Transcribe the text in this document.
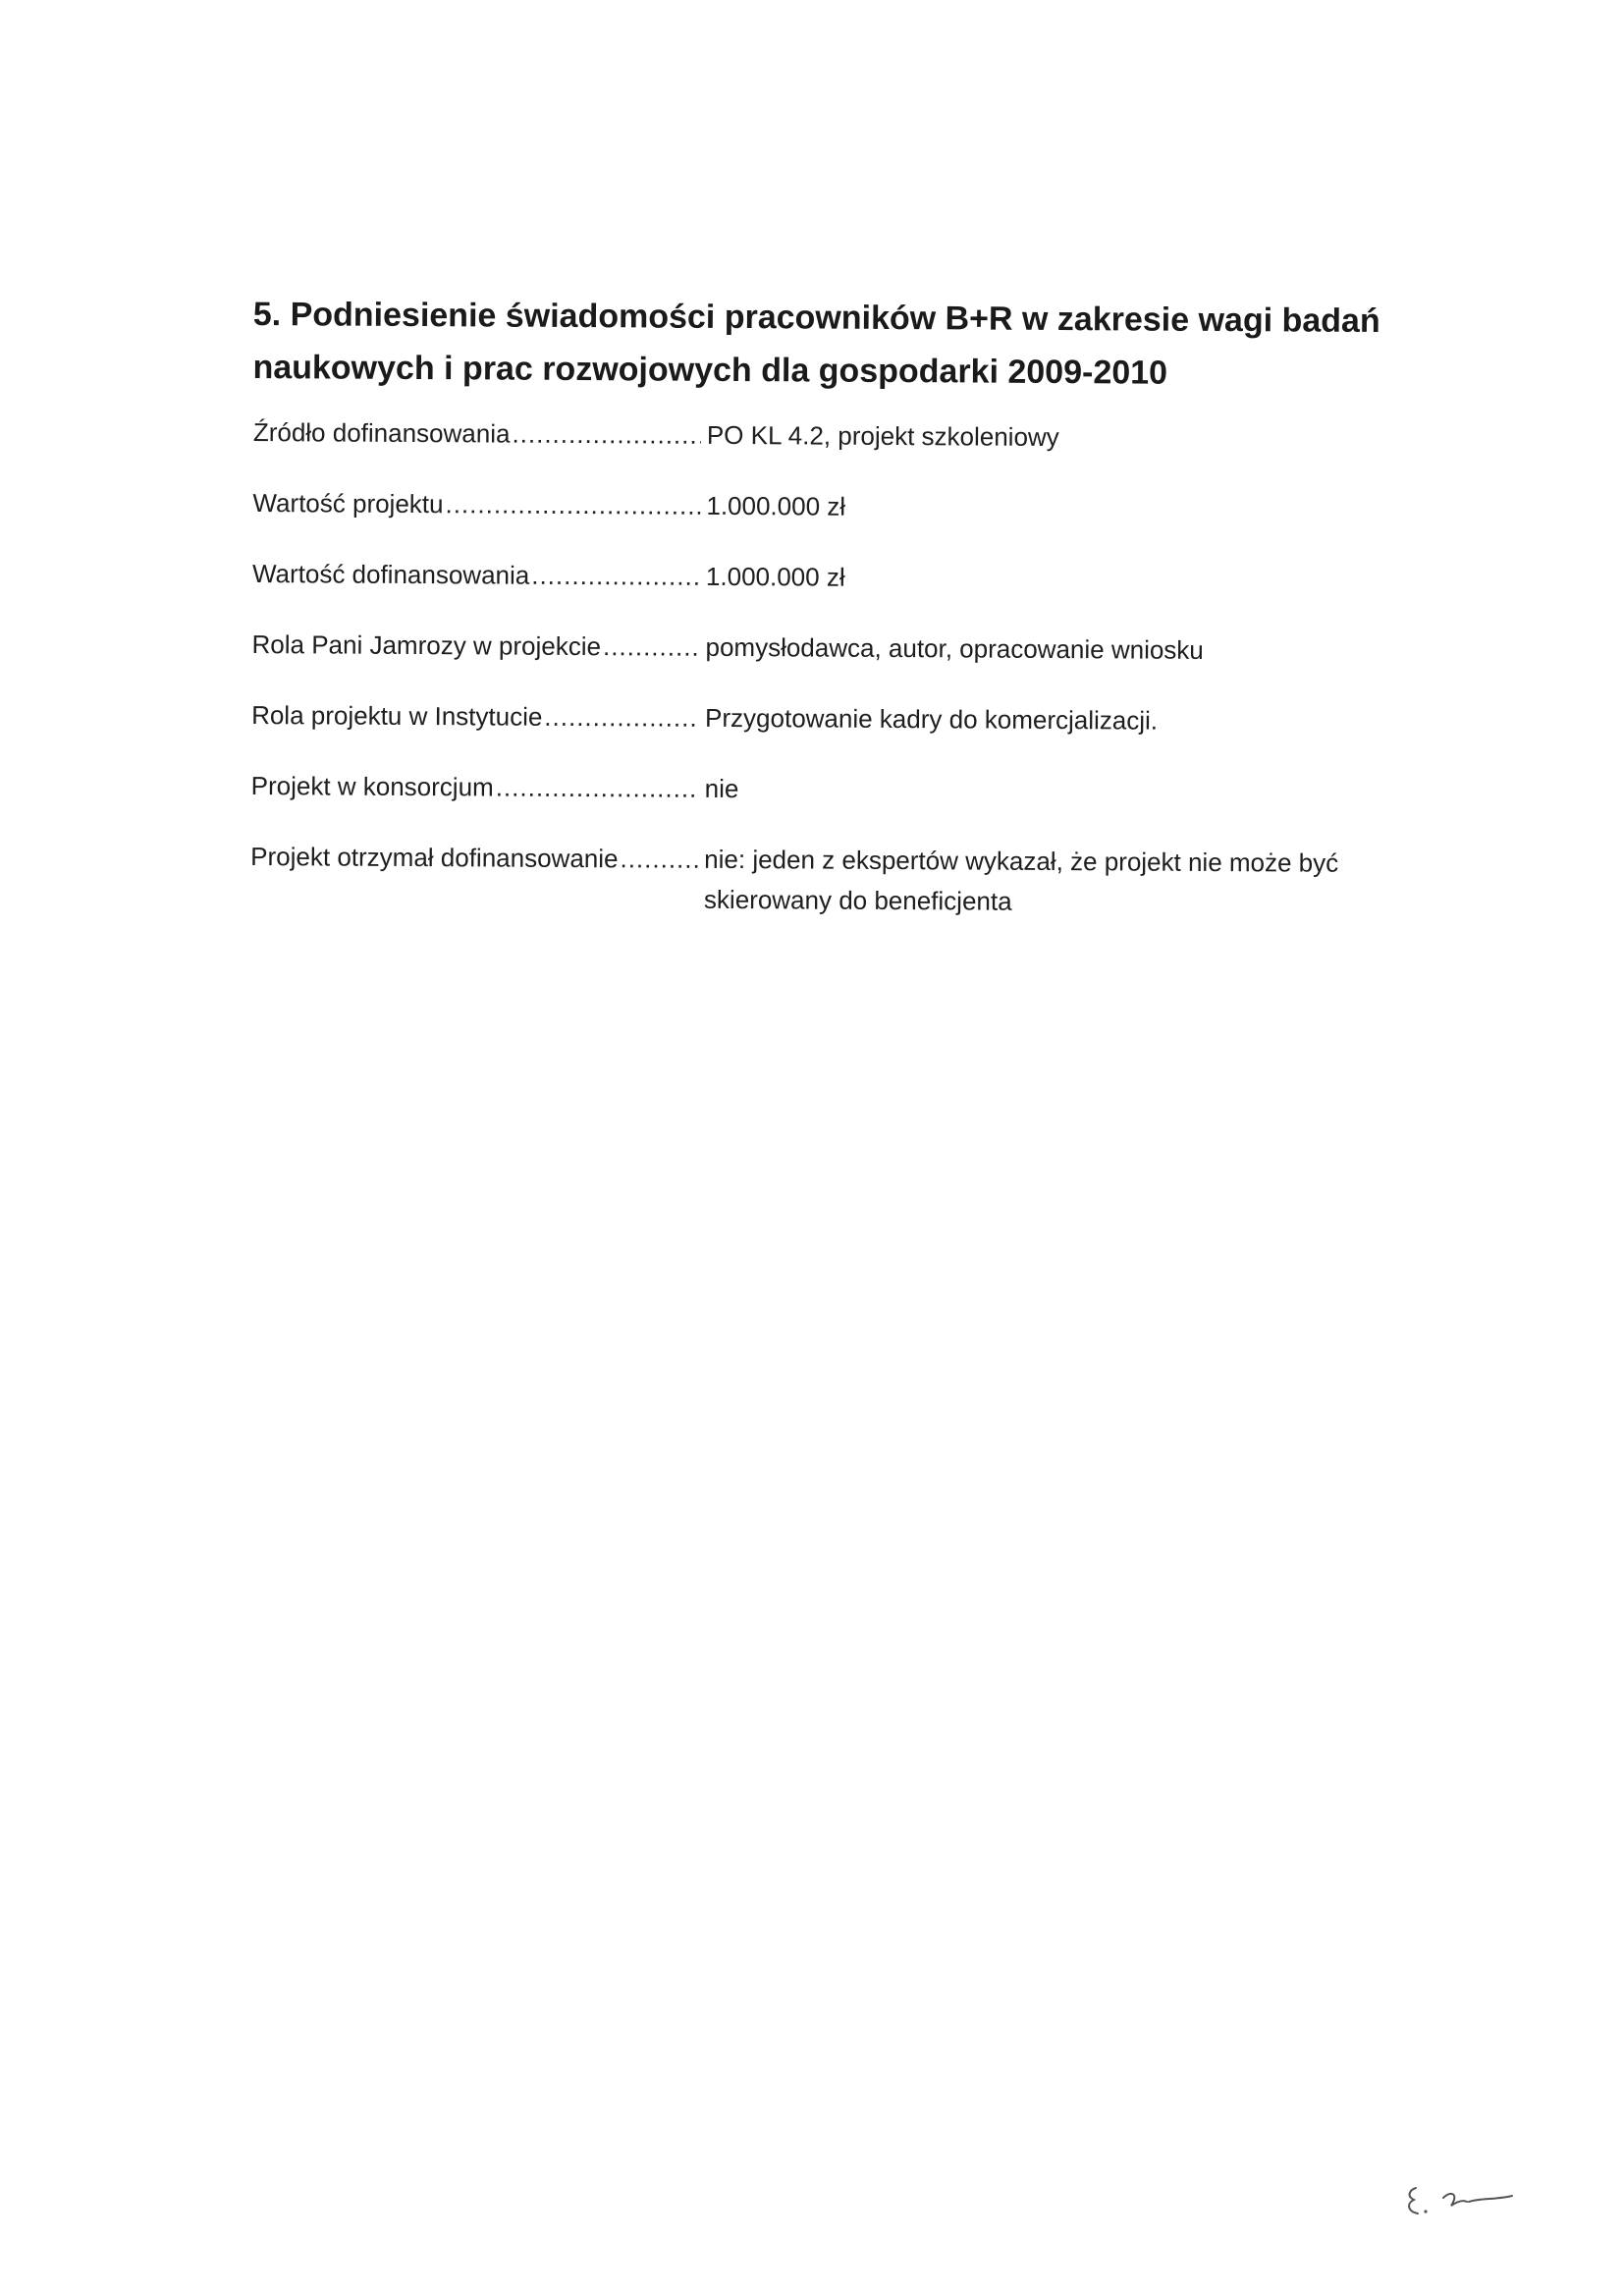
5. Podniesienie świadomości pracowników B+R w zakresie wagi badań naukowych i prac rozwojowych dla gospodarki 2009-2010
Źródło dofinansowania .....	PO KL 4.2, projekt szkoleniowy
Wartość projektu .....	1.000.000 zł
Wartość dofinansowania .....	1.000.000 zł
Rola Pani Jamrozy w projekcie .....	pomysłodawca, autor, opracowanie wniosku
Rola projektu w Instytucie .....	Przygotowanie kadry do komercjalizacji.
Projekt w konsorcjum .....	nie
Projekt otrzymał dofinansowanie .....	nie: jeden z ekspertów wykazał, że projekt nie może być skierowany do beneficjenta
